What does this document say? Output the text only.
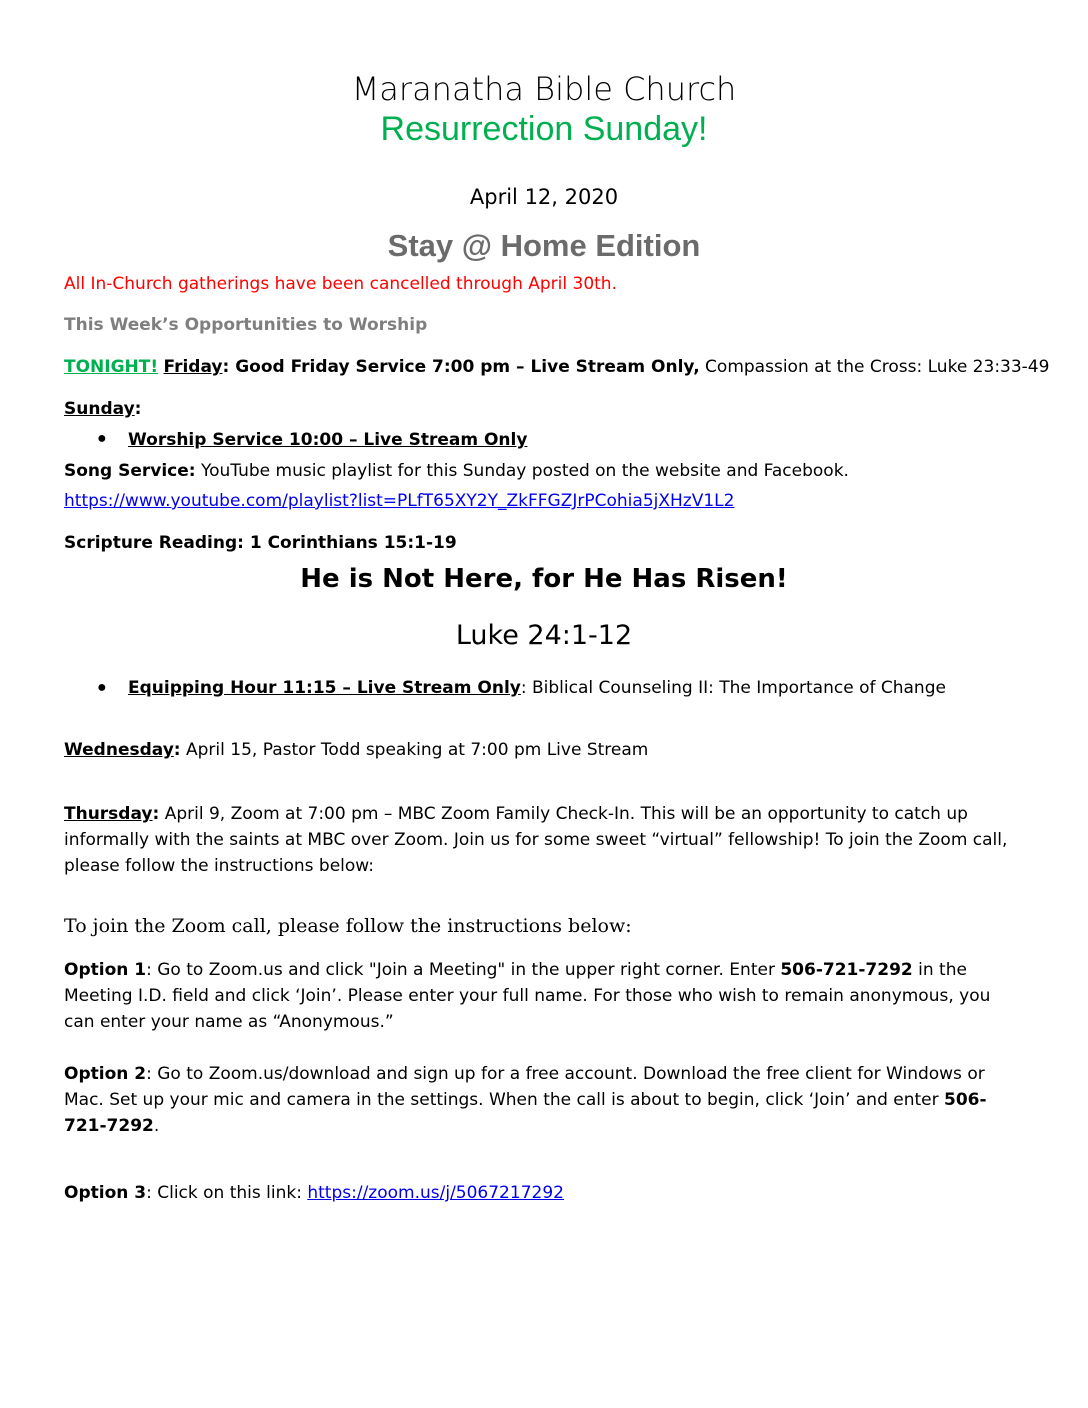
Maranatha Bible Church
Resurrection Sunday!
April 12, 2020
Stay @ Home Edition
All In-Church gatherings have been cancelled through April 30th.
This Week’s Opportunities to Worship
TONIGHT! Friday: Good Friday Service 7:00 pm – Live Stream Only, Compassion at the Cross: Luke 23:33-49
Sunday:
● Worship Service 10:00 – Live Stream Only
Song Service: YouTube music playlist for this Sunday posted on the website and Facebook.
https://www.youtube.com/playlist?list=PLfT65XY2Y_ZkFFGZJrPCohia5jXHzV1L2
Scripture Reading: 1 Corinthians 15:1-19
He is Not Here, for He Has Risen!
Luke 24:1-12
● Equipping Hour 11:15 – Live Stream Only: Biblical Counseling II: The Importance of Change
Wednesday: April 15, Pastor Todd speaking at 7:00 pm Live Stream
Thursday: April 9, Zoom at 7:00 pm – MBC Zoom Family Check-In. This will be an opportunity to catch up informally with the saints at MBC over Zoom. Join us for some sweet “virtual” fellowship! To join the Zoom call, please follow the instructions below:
To join the Zoom call, please follow the instructions below:
Option 1: Go to Zoom.us and click "Join a Meeting" in the upper right corner. Enter 506-721-7292 in the Meeting I.D. field and click ‘Join’. Please enter your full name. For those who wish to remain anonymous, you can enter your name as “Anonymous.”
Option 2: Go to Zoom.us/download and sign up for a free account. Download the free client for Windows or Mac. Set up your mic and camera in the settings. When the call is about to begin, click ‘Join’ and enter 506-721-7292.
Option 3: Click on this link: https://zoom.us/j/5067217292
